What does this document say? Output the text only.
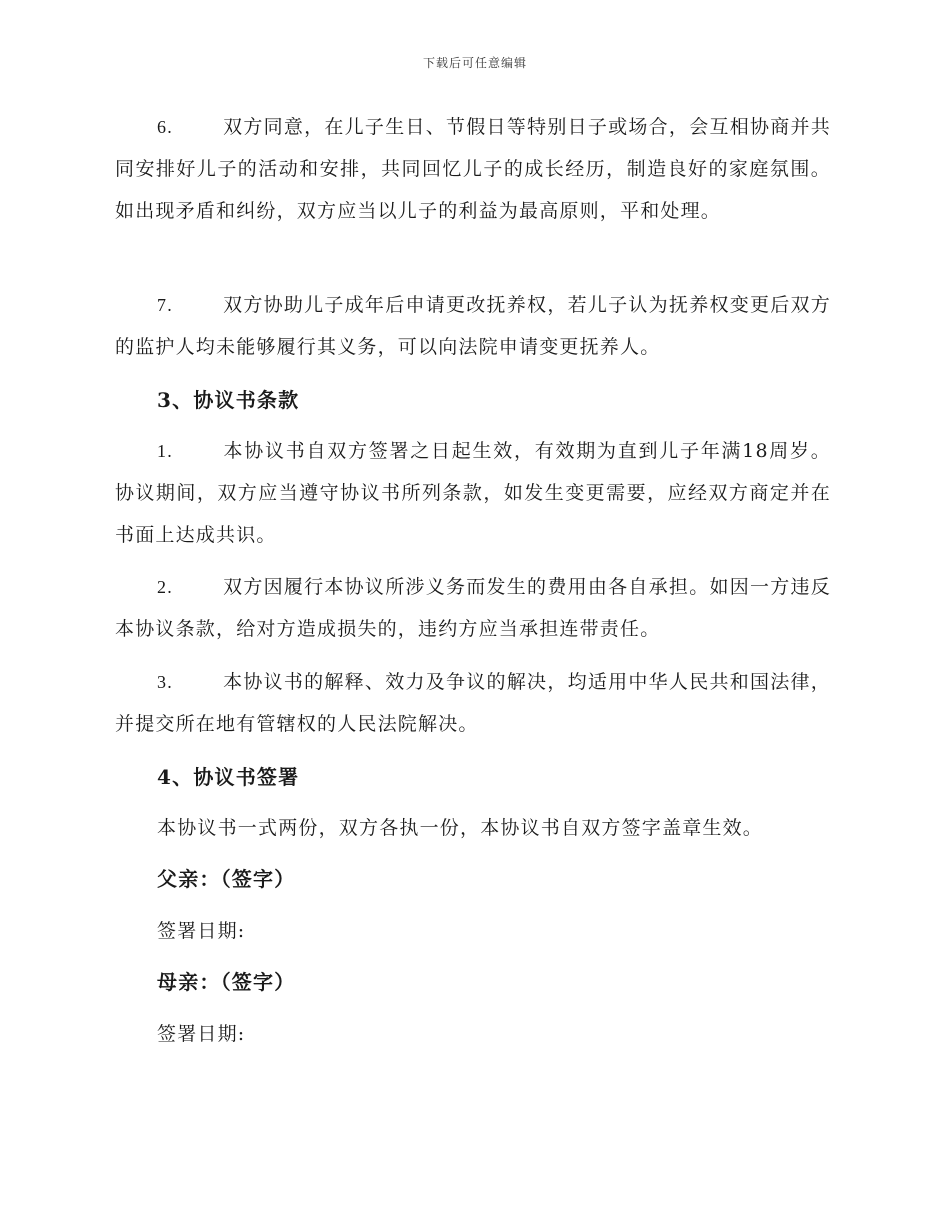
下载后可任意编辑
6.	双方同意，在儿子生日、节假日等特别日子或场合，会互相协商并共同安排好儿子的活动和安排，共同回忆儿子的成长经历，制造良好的家庭氛围。如出现矛盾和纠纷，双方应当以儿子的利益为最高原则，平和处理。
7.	双方协助儿子成年后申请更改抚养权，若儿子认为抚养权变更后双方的监护人均未能够履行其义务，可以向法院申请变更抚养人。
3、协议书条款
1.	本协议书自双方签署之日起生效，有效期为直到儿子年满18周岁。协议期间，双方应当遵守协议书所列条款，如发生变更需要，应经双方商定并在书面上达成共识。
2.	双方因履行本协议所涉义务而发生的费用由各自承担。如因一方违反本协议条款，给对方造成损失的，违约方应当承担连带责任。
3.	本协议书的解释、效力及争议的解决，均适用中华人民共和国法律，并提交所在地有管辖权的人民法院解决。
4、协议书签署
本协议书一式两份，双方各执一份，本协议书自双方签字盖章生效。
父亲：（签字）
签署日期:
母亲：（签字）
签署日期:
